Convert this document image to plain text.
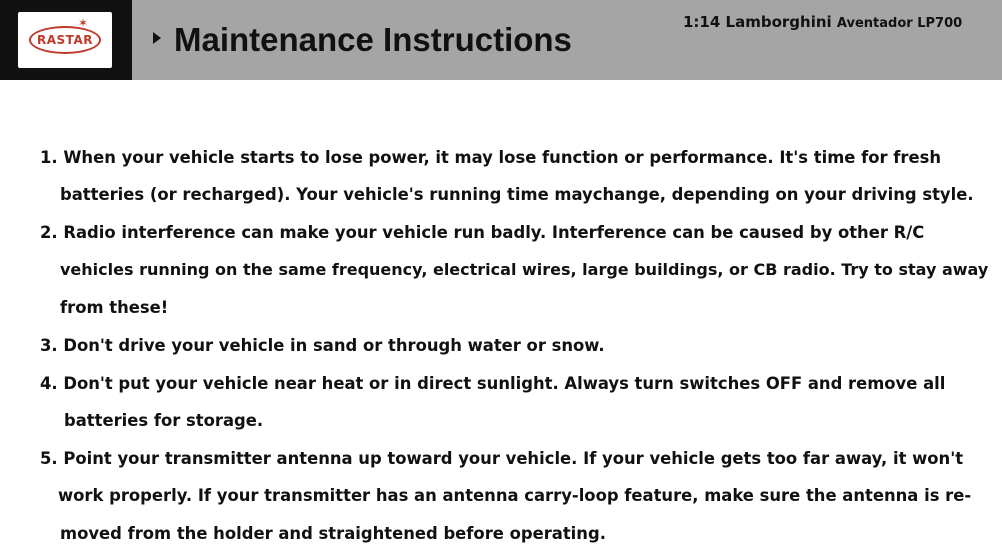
✶
RASTAR	Maintenance Instructions	1:14 Lamborghini Aventador LP700
1. When your vehicle starts to lose power, it may lose function or performance. It's time for fresh
batteries (or recharged). Your vehicle's running time maychange, depending on your driving style.
2. Radio interference can make your vehicle run badly. Interference can be caused by other R/C
vehicles running on the same frequency, electrical wires, large buildings, or CB radio. Try to stay away
from these!
3. Don't drive your vehicle in sand or through water or snow.
4. Don't put your vehicle near heat or in direct sunlight. Always turn switches OFF and remove all
batteries for storage.
5. Point your transmitter antenna up toward your vehicle. If your vehicle gets too far away, it won't
work properly. If your transmitter has an antenna carry-loop feature, make sure the antenna is re-
moved from the holder and straightened before operating.
